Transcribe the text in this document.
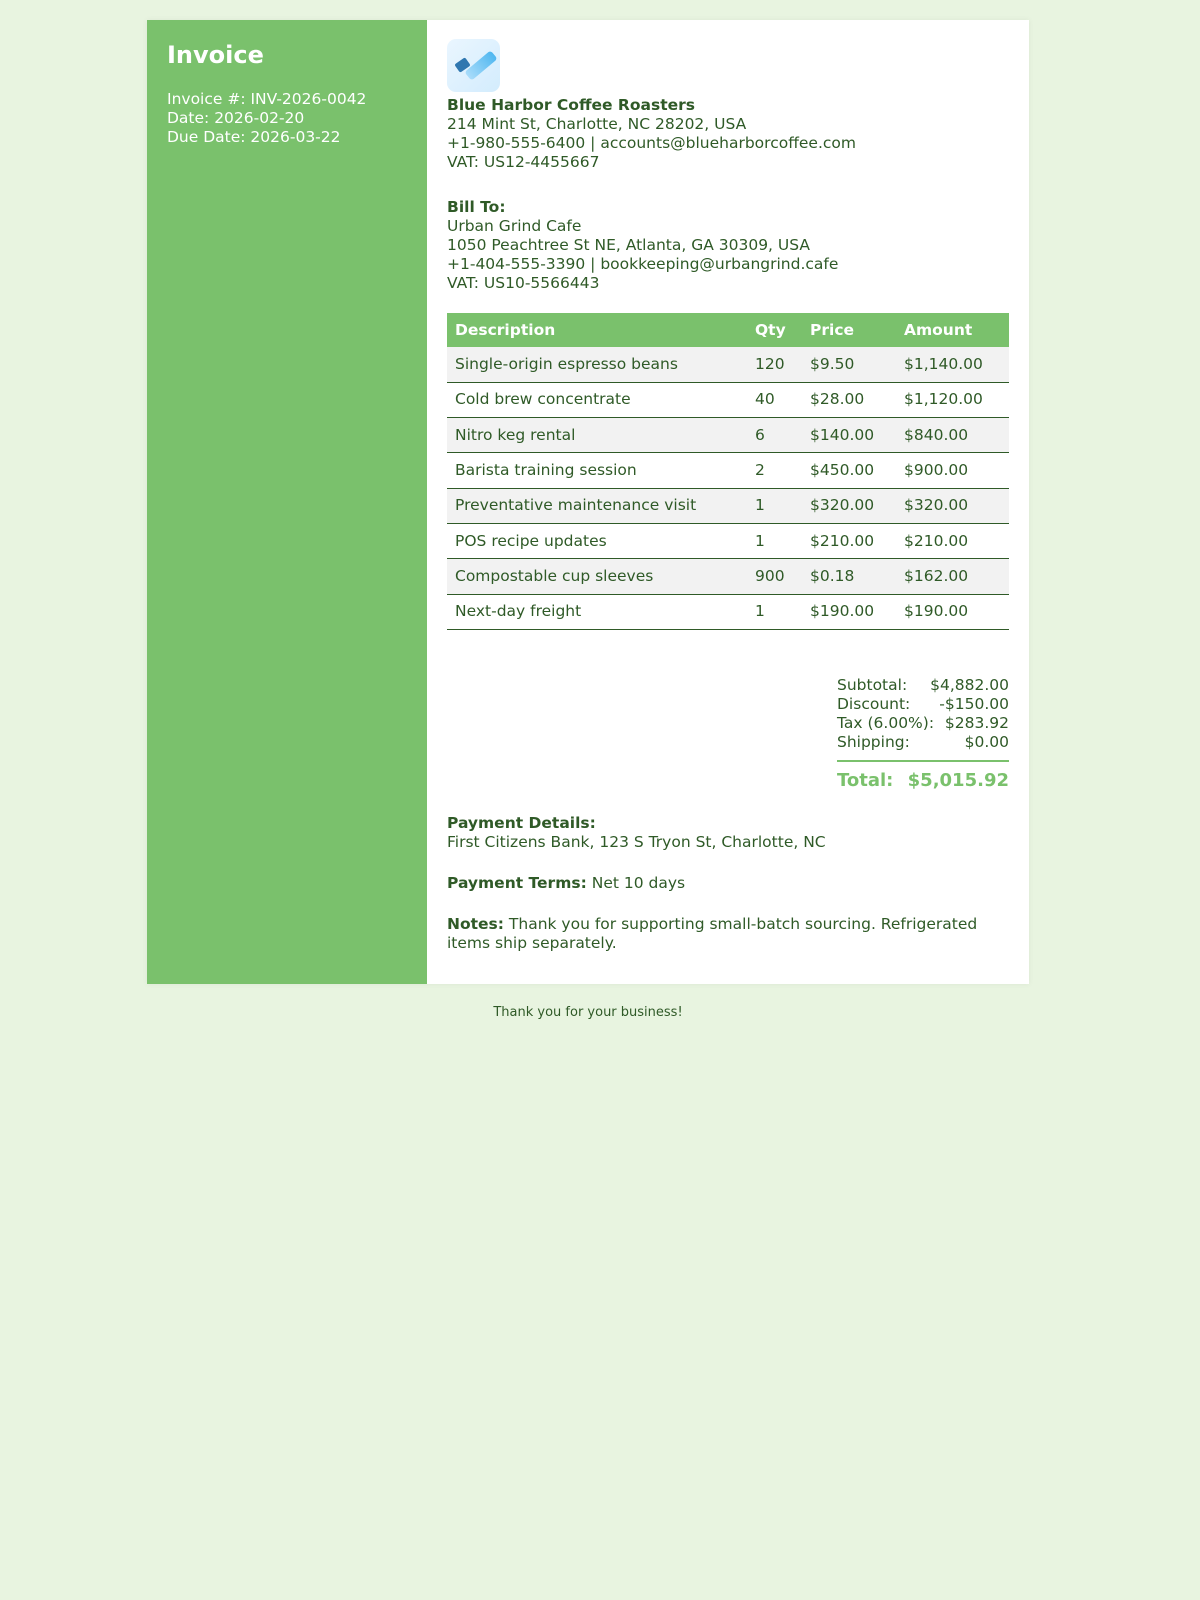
Invoice
Invoice #: INV-2026-0042
Date: 2026-02-20
Due Date: 2026-03-22
Blue Harbor Coffee Roasters
214 Mint St, Charlotte, NC 28202, USA
+1-980-555-6400 | accounts@blueharborcoffee.com
VAT: US12-4455667
Bill To:
Urban Grind Cafe
1050 Peachtree St NE, Atlanta, GA 30309, USA
+1-404-555-3390 | bookkeeping@urbangrind.cafe
VAT: US10-5566443
Description	Qty	Price	Amount
Single-origin espresso beans	120	$9.50	$1,140.00
Cold brew concentrate	40	$28.00	$1,120.00
Nitro keg rental	6	$140.00	$840.00
Barista training session	2	$450.00	$900.00
Preventative maintenance visit	1	$320.00	$320.00
POS recipe updates	1	$210.00	$210.00
Compostable cup sleeves	900	$0.18	$162.00
Next-day freight	1	$190.00	$190.00
Subtotal: $4,882.00
Discount: -$150.00
Tax (6.00%): $283.92
Shipping:	$0.00
Total: $5,015.92
Payment Details:
First Citizens Bank, 123 S Tryon St, Charlotte, NC
Payment Terms: Net 10 days
Notes: Thank you for supporting small-batch sourcing. Refrigerated items ship separately.
Thank you for your business!
